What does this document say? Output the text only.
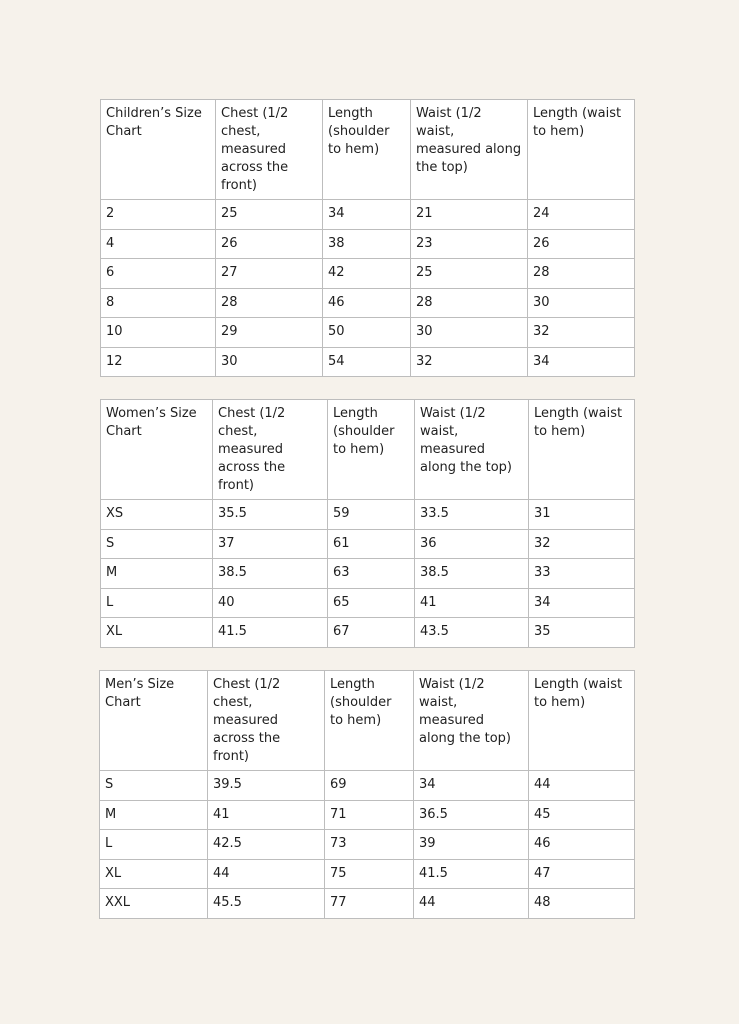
Children’s Size Chart	Chest (1/2 chest, measured across the front)	Length (shoulder to hem)	Waist (1/2 waist, measured along the top)	Length (waist to hem)
2	25	34	21	24
4	26	38	23	26
6	27	42	25	28
8	28	46	28	30
10	29	50	30	32
12	30	54	32	34
Women’s Size Chart	Chest (1/2 chest, measured across the front)	Length (shoulder to hem)	Waist (1/2 waist, measured along the top)	Length (waist to hem)
XS	35.5	59	33.5	31
S	37	61	36	32
M	38.5	63	38.5	33
L	40	65	41	34
XL	41.5	67	43.5	35
Men’s Size Chart	Chest (1/2 chest, measured across the front)	Length (shoulder to hem)	Waist (1/2 waist, measured along the top)	Length (waist to hem)
S	39.5	69	34	44
M	41	71	36.5	45
L	42.5	73	39	46
XL	44	75	41.5	47
XXL	45.5	77	44	48
